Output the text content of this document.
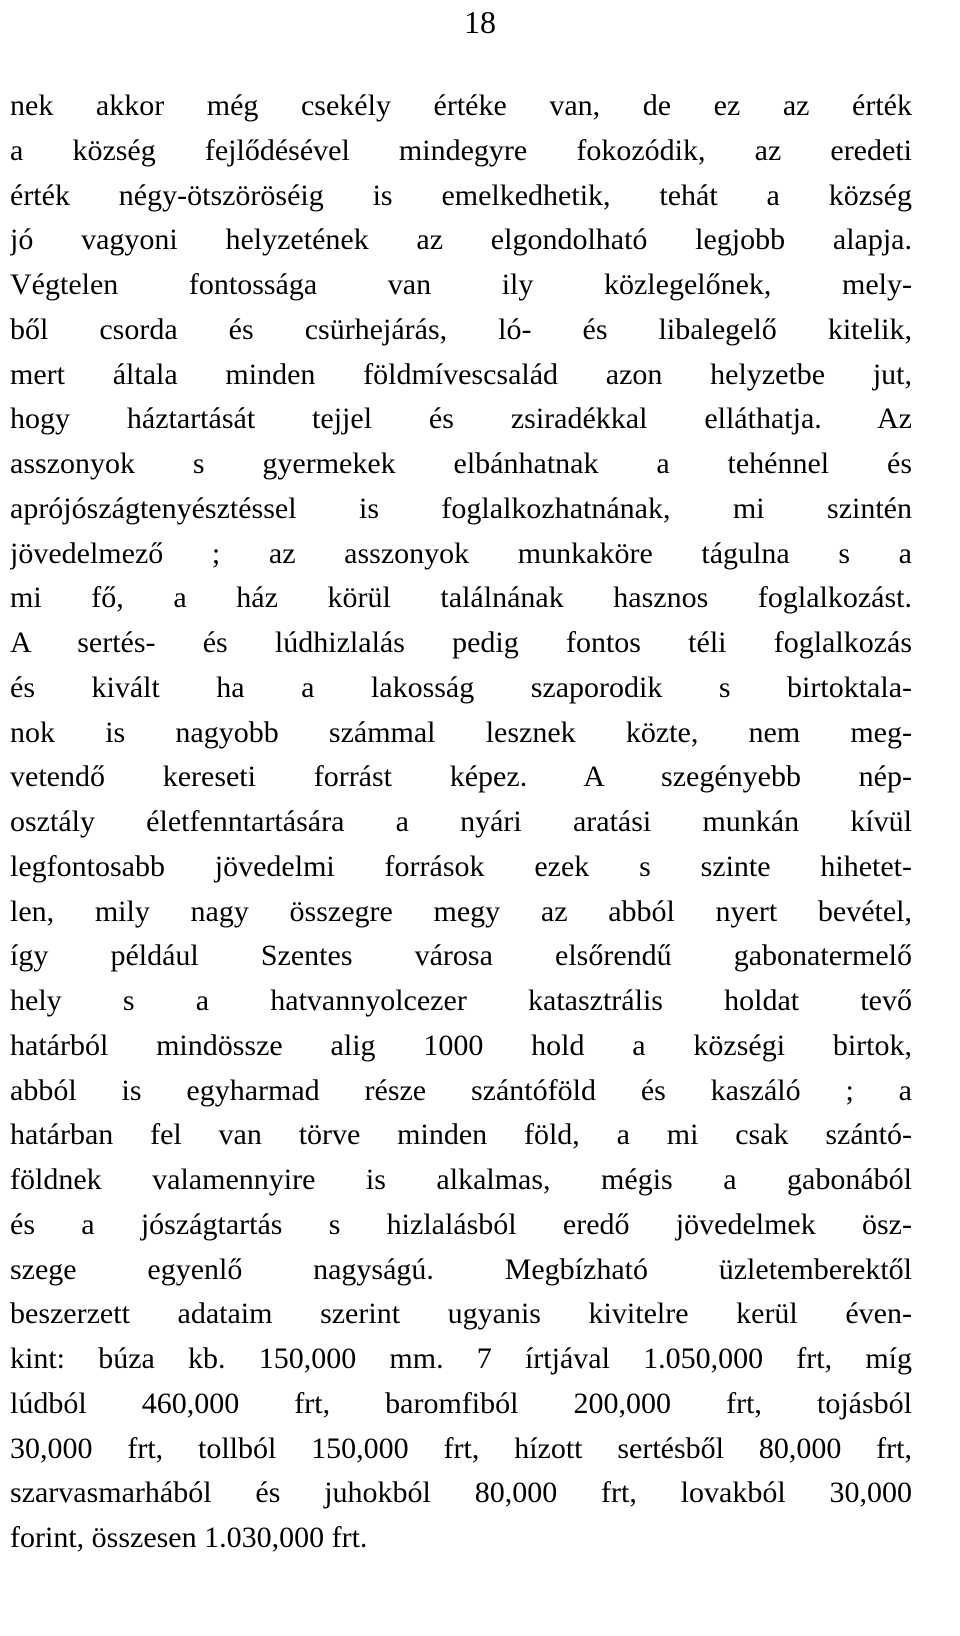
18
nek akkor még csekély értéke van, de ez az érték
a község fejlődésével mindegyre fokozódik, az eredeti
érték négy-ötszöröséig is emelkedhetik, tehát a község
jó vagyoni helyzetének az elgondolható legjobb alapja.
Végtelen fontossága van ily közlegelőnek, mely-
ből csorda és csürhejárás, ló- és libalegelő kitelik,
mert általa minden földmívescsalád azon helyzetbe jut,
hogy háztartását tejjel és zsiradékkal elláthatja. Az
asszonyok s gyermekek elbánhatnak a tehénnel és
aprójószágtenyésztéssel is foglalkozhatnának, mi szintén
jövedelmező ; az asszonyok munkaköre tágulna s a
mi fő, a ház körül találnának hasznos foglalkozást.
A sertés- és lúdhizlalás pedig fontos téli foglalkozás
és kivált ha a lakosság szaporodik s birtoktala-
nok is nagyobb számmal lesznek közte, nem meg-
vetendő kereseti forrást képez. A szegényebb nép-
osztály életfenntartására a nyári aratási munkán kívül
legfontosabb jövedelmi források ezek s szinte hihetet-
len, mily nagy összegre megy az abból nyert bevétel,
így például Szentes városa elsőrendű gabonatermelő
hely s a hatvannyolcezer katasztrális holdat tevő
határból mindössze alig 1000 hold a községi birtok,
abból is egyharmad része szántóföld és kaszáló ; a
határban fel van törve minden föld, a mi csak szántó-
földnek valamennyire is alkalmas, mégis a gabonából
és a jószágtartás s hizlalásból eredő jövedelmek ösz-
szege egyenlő nagyságú. Megbízható üzletemberektől
beszerzett adataim szerint ugyanis kivitelre kerül éven-
kint: búza kb. 150,000 mm. 7 írtjával 1.050,000 frt, míg
lúdból 460,000 frt, baromfiból 200,000 frt, tojásból
30,000 frt, tollból 150,000 frt, hízott sertésből 80,000 frt,
szarvasmarhából és juhokból 80,000 frt, lovakból 30,000
forint, összesen 1.030,000 frt.
